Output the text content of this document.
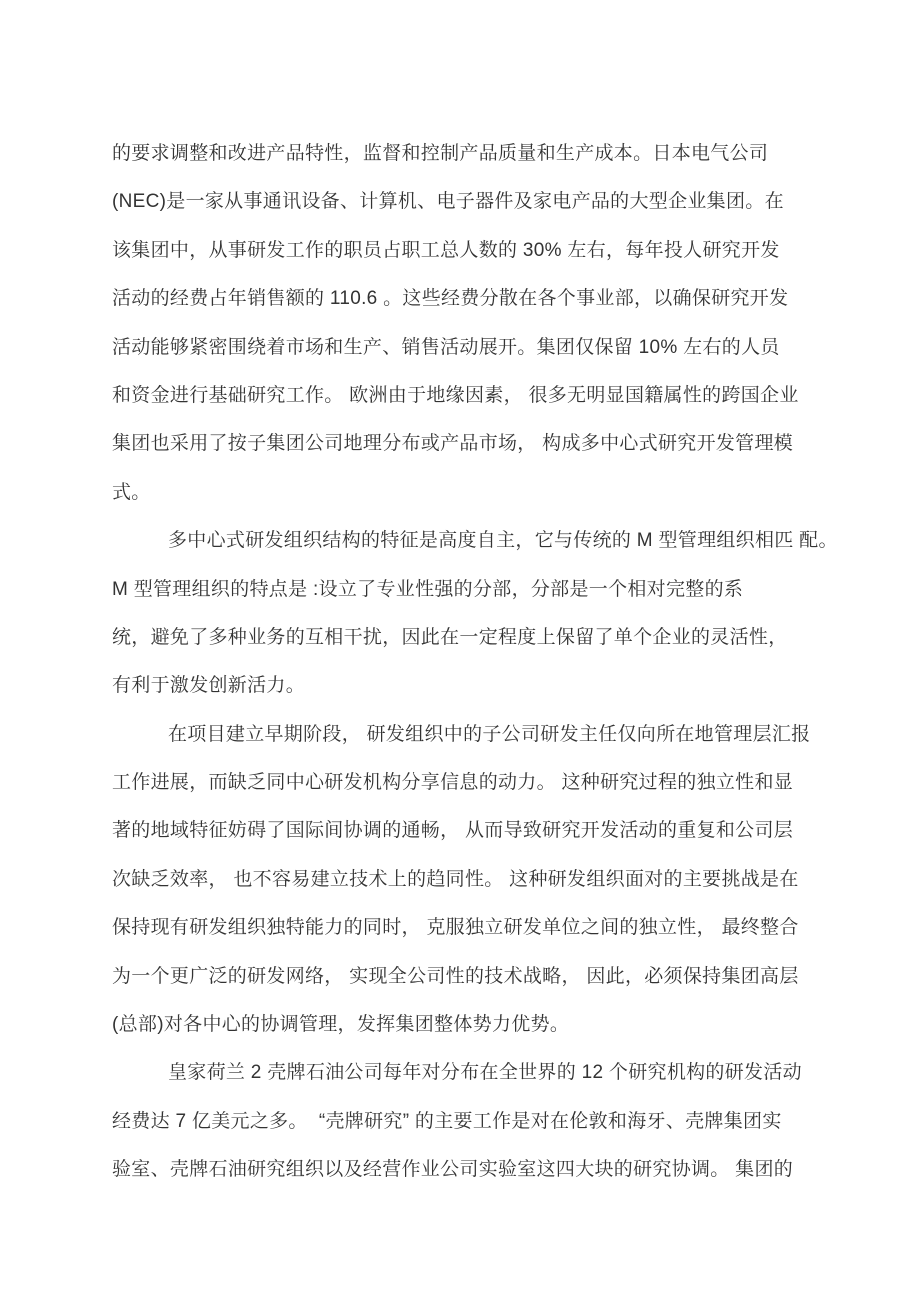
的要求调整和改进产品特性，监督和控制产品质量和生产成本。日本电气公司
(NEC)是一家从事通讯设备、计算机、电子器件及家电产品的大型企业集团。在
该集团中，从事研发工作的职员占职工总人数的 30% 左右，每年投人研究开发
活动的经费占年销售额的 110.6 。这些经费分散在各个事业部，以确保研究开发
活动能够紧密围绕着市场和生产、销售活动展开。集团仅保留 10% 左右的人员
和资金进行基础研究工作。 欧洲由于地缘因素， 很多无明显国籍属性的跨国企业
集团也采用了按子集团公司地理分布或产品市场， 构成多中心式研究开发管理模
式。
多中心式研发组织结构的特征是高度自主，它与传统的 M 型管理组织相匹 配。
M 型管理组织的特点是 :设立了专业性强的分部，分部是一个相对完整的系
统，避免了多种业务的互相干扰，因此在一定程度上保留了单个企业的灵活性，
有利于激发创新活力。
在项目建立早期阶段， 研发组织中的子公司研发主任仅向所在地管理层汇报
工作进展，而缺乏同中心研发机构分享信息的动力。 这种研究过程的独立性和显
著的地域特征妨碍了国际间协调的通畅， 从而导致研究开发活动的重复和公司层
次缺乏效率， 也不容易建立技术上的趋同性。 这种研发组织面对的主要挑战是在
保持现有研发组织独特能力的同时， 克服独立研发单位之间的独立性， 最终整合
为一个更广泛的研发网络， 实现全公司性的技术战略， 因此，必须保持集团高层
(总部)对各中心的协调管理，发挥集团整体势力优势。
皇家荷兰 2 壳牌石油公司每年对分布在全世界的 12 个研究机构的研发活动
经费达 7 亿美元之多。  “壳牌研究” 的主要工作是对在伦敦和海牙、壳牌集团实
验室、壳牌石油研究组织以及经营作业公司实验室这四大块的研究协调。 集团的
